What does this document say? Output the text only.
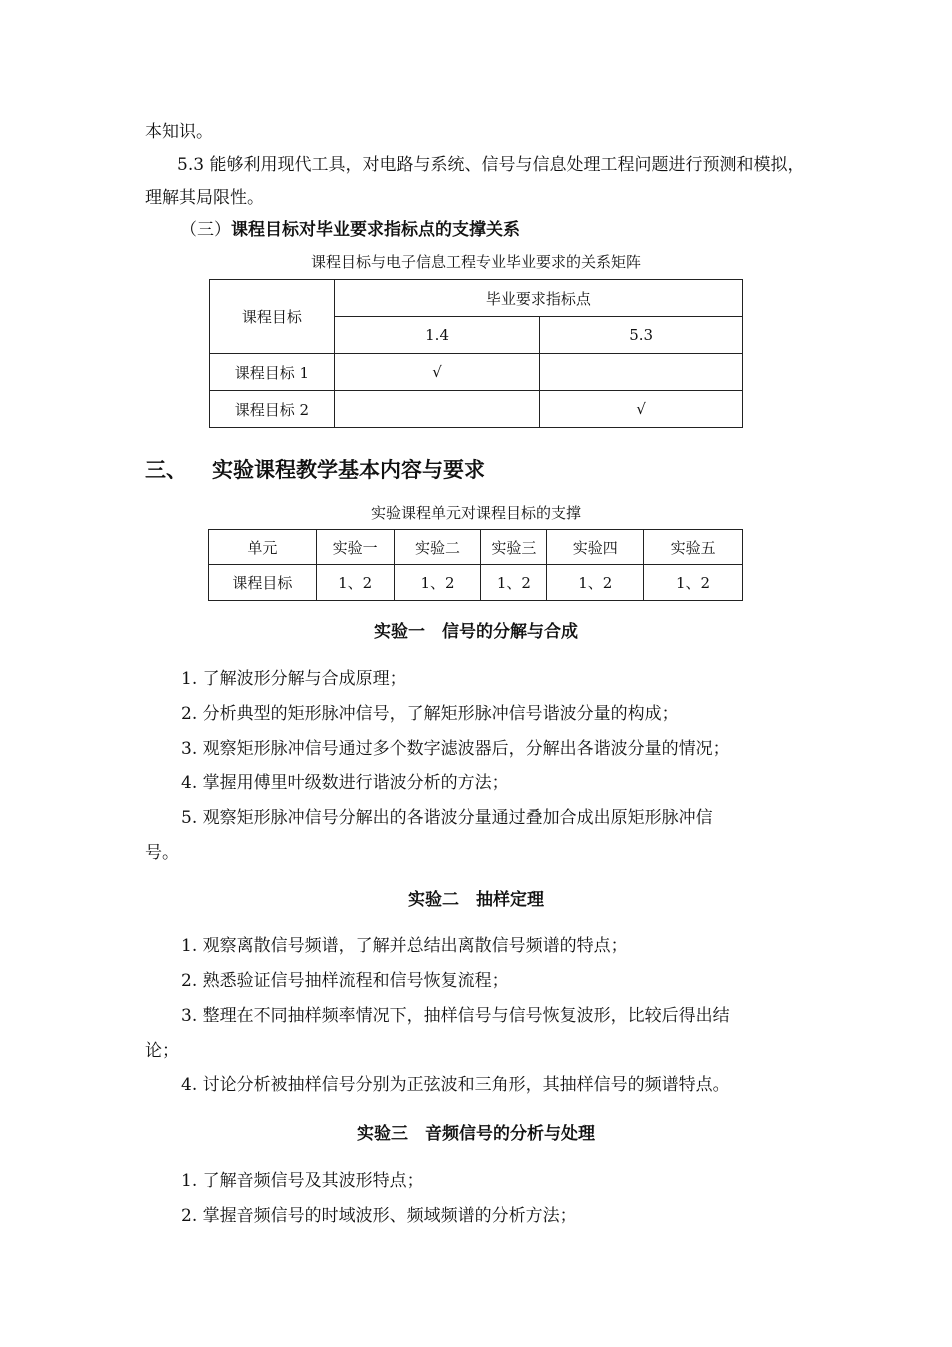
本知识。
5.3 能够利用现代工具，对电路与系统、信号与信息处理工程问题进行预测和模拟，
理解其局限性。
（三）课程目标对毕业要求指标点的支撑关系
课程目标与电子信息工程专业毕业要求的关系矩阵
课程目标	毕业要求指标点	
	1.4	5.3
课程目标 1	√	
课程目标 2		√
三、 实验课程教学基本内容与要求
实验课程单元对课程目标的支撑
单元	实验一	实验二	实验三	实验四	实验五
课程目标	1、2	1、2	1、2	1、2	1、2
实验一　信号的分解与合成
1. 了解波形分解与合成原理；
2. 分析典型的矩形脉冲信号，了解矩形脉冲信号谐波分量的构成；
3. 观察矩形脉冲信号通过多个数字滤波器后，分解出各谐波分量的情况；
4. 掌握用傅里叶级数进行谐波分析的方法；
5. 观察矩形脉冲信号分解出的各谐波分量通过叠加合成出原矩形脉冲信
号。
实验二　抽样定理
1. 观察离散信号频谱，了解并总结出离散信号频谱的特点；
2. 熟悉验证信号抽样流程和信号恢复流程；
3. 整理在不同抽样频率情况下，抽样信号与信号恢复波形，比较后得出结
论；
4. 讨论分析被抽样信号分别为正弦波和三角形，其抽样信号的频谱特点。
实验三　音频信号的分析与处理
1. 了解音频信号及其波形特点；
2. 掌握音频信号的时域波形、频域频谱的分析方法；
